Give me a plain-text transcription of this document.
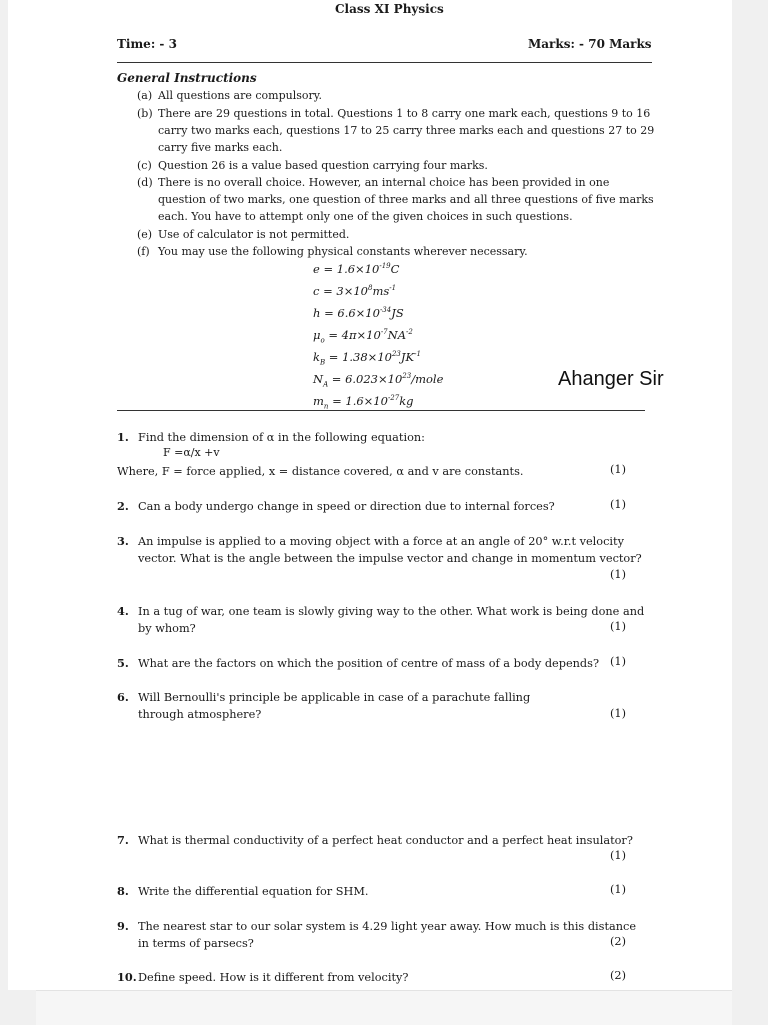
Class XI Physics
Time: - 3	Marks: - 70 Marks
General Instructions
(a) All questions are compulsory.
(b) There are 29 questions in total. Questions 1 to 8 carry one mark each, questions 9 to 16 carry two marks each, questions 17 to 25 carry three marks each and questions 27 to 29 carry five marks each.
(c) Question 26 is a value based question carrying four marks.
(d) There is no overall choice. However, an internal choice has been provided in one question of two marks, one question of three marks and all three questions of five marks each. You have to attempt only one of the given choices in such questions.
(e) Use of calculator is not permitted.
(f) You may use the following physical constants wherever necessary.
$e = 1.6\times 10^{-19}C$
$c = 3\times 10^8ms^{-1}$
$h = 6.6\times 10^{-34}JS$
$\mu_o = 4\pi\times 10^{-7}NA^{-2}$
$k_B = 1.38\times 10^{23}JK^{-1}$
$N_A$ = $6.023\times 10^{23}$/mole
$m_n = 1.6\times 10^{-27}kg$
Ahanger Sir
1. Find the dimension of α in the following equation:
F =α/x +v
Where, F = force applied, x = distance covered, α and v are constants.	(1)
2. Can a body undergo change in speed or direction due to internal forces?	(1)
3. An impulse is applied to a moving object with a force at an angle of 20° w.r.t velocity vector. What is the angle between the impulse vector and change in momentum vector?
(1)
4. In a tug of war, one team is slowly giving way to the other. What work is being done and by whom?	(1)
5. What are the factors on which the position of centre of mass of a body depends? (1)
6. Will Bernoulli's principle be applicable in case of a parachute falling through atmosphere?	(1)
7. What is thermal conductivity of a perfect heat conductor and a perfect heat insulator?
(1)
8. Write the differential equation for SHM.	(1)
9. The nearest star to our solar system is 4.29 light year away. How much is this distance in terms of parsecs?	(2)
10. Define speed. How is it different from velocity?	(2)
